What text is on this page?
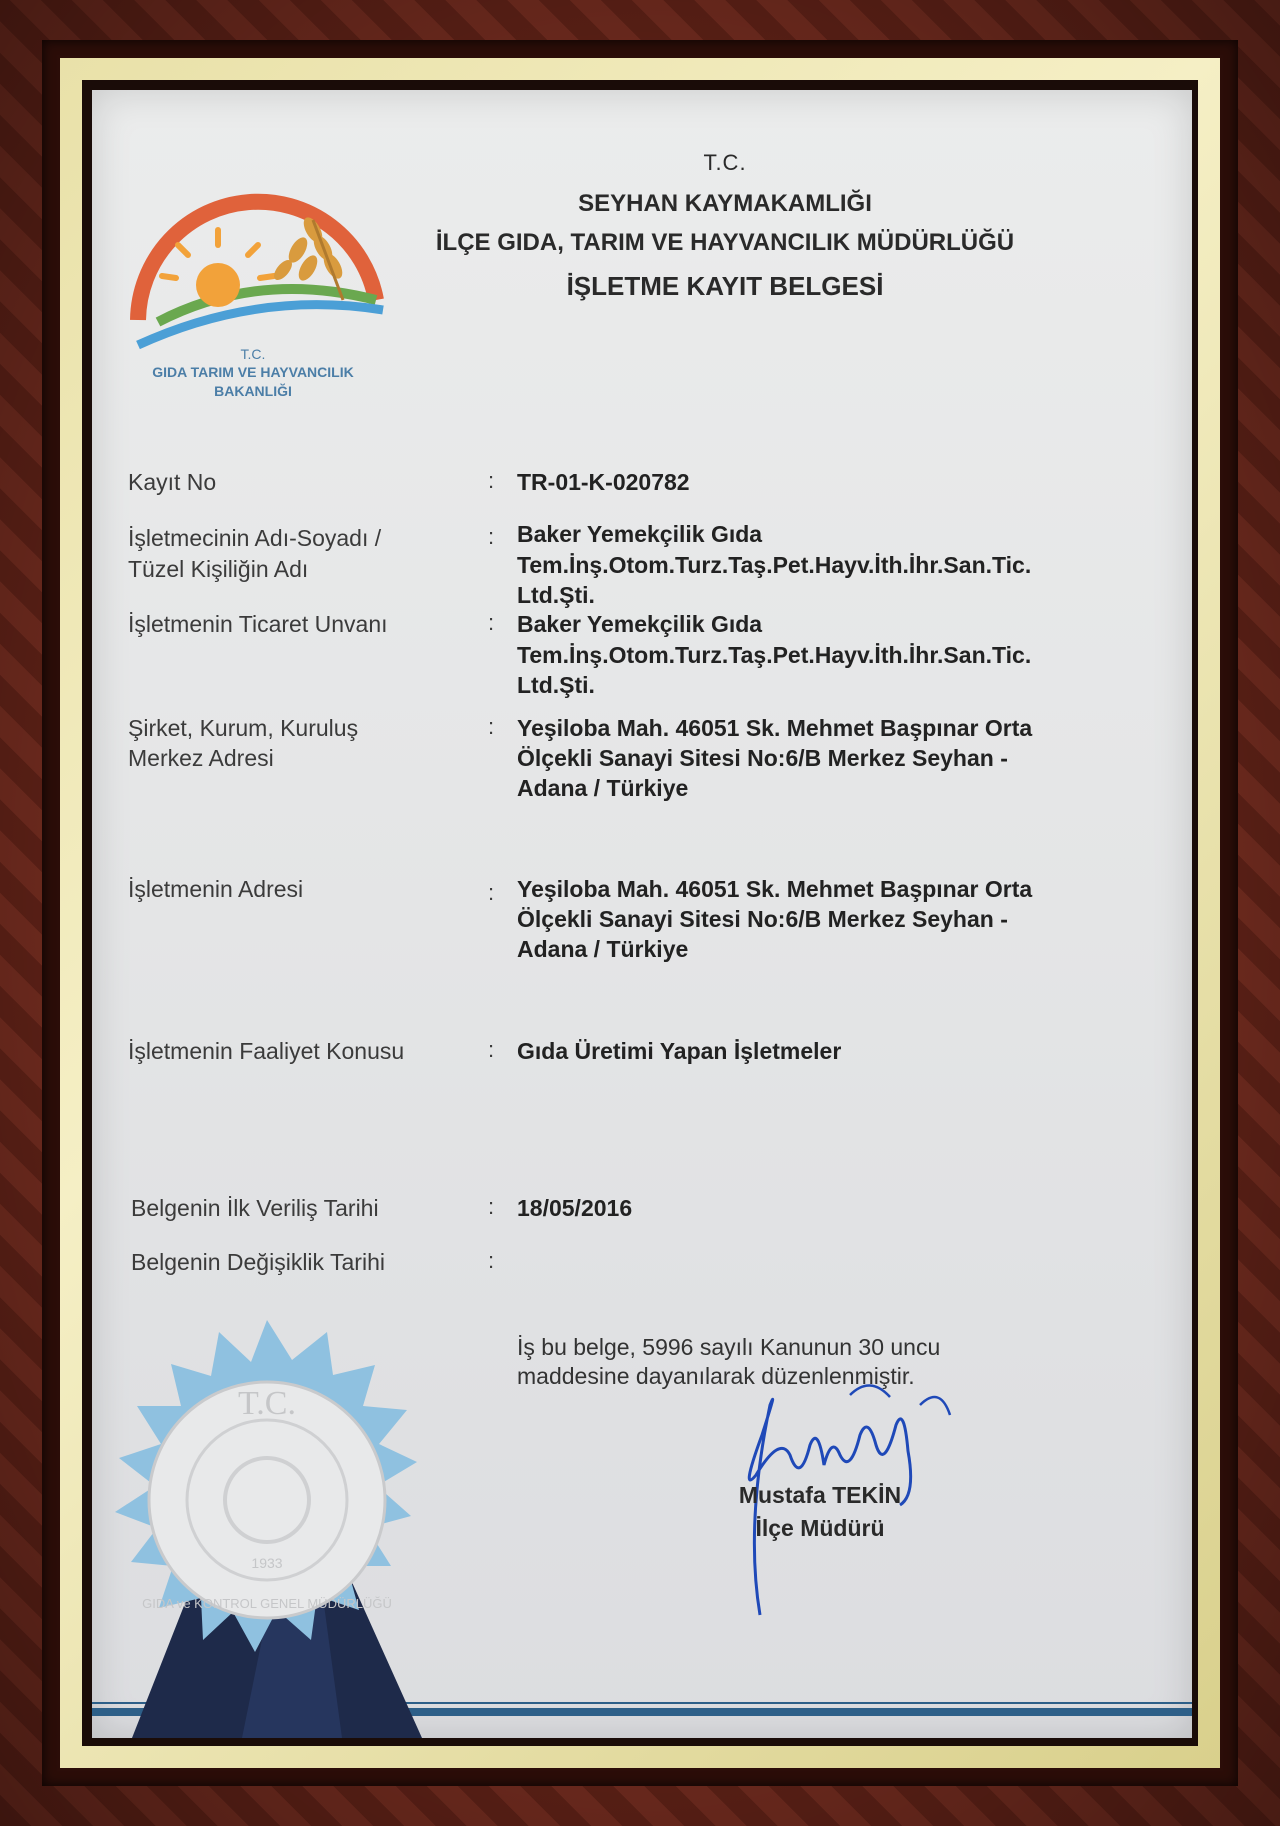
T.C.
GIDA TARIM VE HAYVANCILIK
BAKANLIĞI
T.C.
SEYHAN KAYMAKAMLIĞI
İLÇE GIDA, TARIM VE HAYVANCILIK MÜDÜRLÜĞÜ
İŞLETME KAYIT BELGESİ
Kayıt No	: TR-01-K-020782
İşletmecinin Adı-Soyadı /
Tüzel Kişiliğin Adı
: Baker Yemekçilik Gıda
Tem.İnş.Otom.Turz.Taş.Pet.Hayv.İth.İhr.San.Tic.
Ltd.Şti.
İşletmenin Ticaret Unvanı	: Baker Yemekçilik Gıda
Tem.İnş.Otom.Turz.Taş.Pet.Hayv.İth.İhr.San.Tic.
Ltd.Şti.
Şirket, Kurum, Kuruluş
Merkez Adresi
: Yeşiloba Mah. 46051 Sk. Mehmet Başpınar Orta
Ölçekli Sanayi Sitesi No:6/B Merkez Seyhan -
Adana / Türkiye
İşletmenin Adresi	: Yeşiloba Mah. 46051 Sk. Mehmet Başpınar Orta
Ölçekli Sanayi Sitesi No:6/B Merkez Seyhan -
Adana / Türkiye
İşletmenin Faaliyet Konusu	: Gıda Üretimi Yapan İşletmeler
Belgenin İlk Veriliş Tarihi	: 18/05/2016
Belgenin Değişiklik Tarihi	:
T.C.
1933
GIDA ve KONTROL GENEL MÜDÜRLÜĞÜ
İş bu belge, 5996 sayılı Kanunun 30 uncu
maddesine dayanılarak düzenlenmiştir.
Mustafa TEKİN
İlçe Müdürü
